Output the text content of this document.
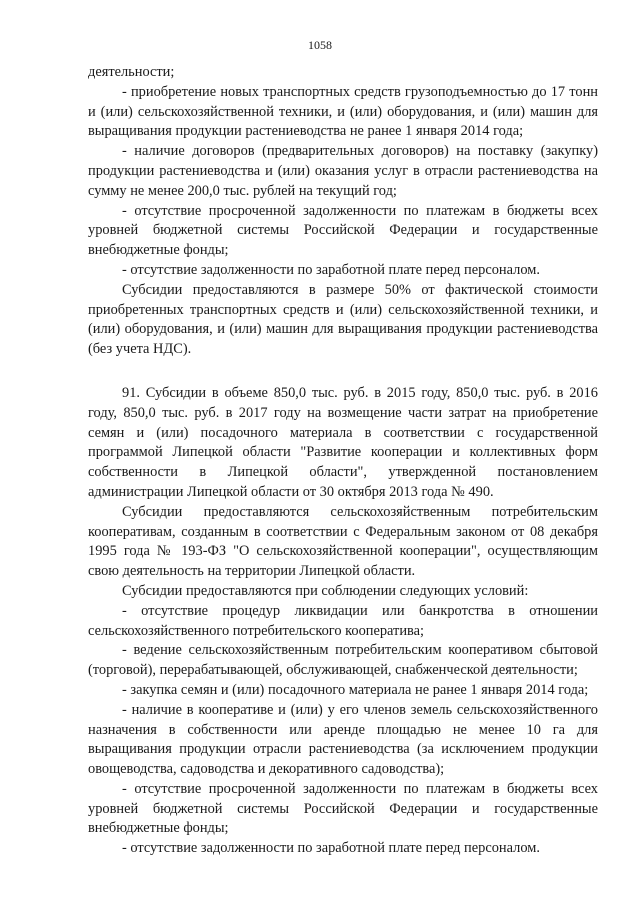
1058

деятельности;

- приобретение новых транспортных средств грузоподъемностью до 17 тонн и (или) сельскохозяйственной техники, и (или) оборудования, и (или) машин для выращивания продукции растениеводства не ранее 1 января 2014 года;

- наличие договоров (предварительных договоров) на поставку (закупку) продукции растениеводства и (или) оказания услуг в отрасли растениеводства на сумму не менее 200,0 тыс. рублей на текущий год;

- отсутствие просроченной задолженности по платежам в бюджеты всех уровней бюджетной системы Российской Федерации и государственные внебюджетные фонды;

- отсутствие задолженности по заработной плате перед персоналом.

Субсидии предоставляются в размере 50% от фактической стоимости приобретенных транспортных средств и (или) сельскохозяйственной техники, и (или) оборудования, и (или) машин для выращивания продукции растениеводства (без учета НДС).

91. Субсидии в объеме 850,0 тыс. руб. в 2015 году, 850,0 тыс. руб. в 2016 году, 850,0 тыс. руб. в 2017 году на возмещение части затрат на приобретение семян и (или) посадочного материала в соответствии с государственной программой Липецкой области "Развитие кооперации и коллективных форм собственности в Липецкой области", утвержденной постановлением администрации Липецкой области от 30 октября 2013 года № 490.

Субсидии предоставляются сельскохозяйственным потребительским кооперативам, созданным в соответствии с Федеральным законом от 08 декабря 1995 года № 193-ФЗ "О сельскохозяйственной кооперации", осуществляющим свою деятельность на территории Липецкой области.

Субсидии предоставляются при соблюдении следующих условий:

- отсутствие процедур ликвидации или банкротства в отношении сельскохозяйственного потребительского кооператива;

- ведение сельскохозяйственным потребительским кооперативом сбытовой (торговой), перерабатывающей, обслуживающей, снабженческой деятельности;

- закупка семян и (или) посадочного материала не ранее 1 января 2014 года;

- наличие в кооперативе и (или) у его членов земель сельскохозяйственного назначения в собственности или аренде площадью не менее 10 га для выращивания продукции отрасли растениеводства (за исключением продукции овощеводства, садоводства и декоративного садоводства);

- отсутствие просроченной задолженности по платежам в бюджеты всех уровней бюджетной системы Российской Федерации и государственные внебюджетные фонды;

- отсутствие задолженности по заработной плате перед персоналом.
